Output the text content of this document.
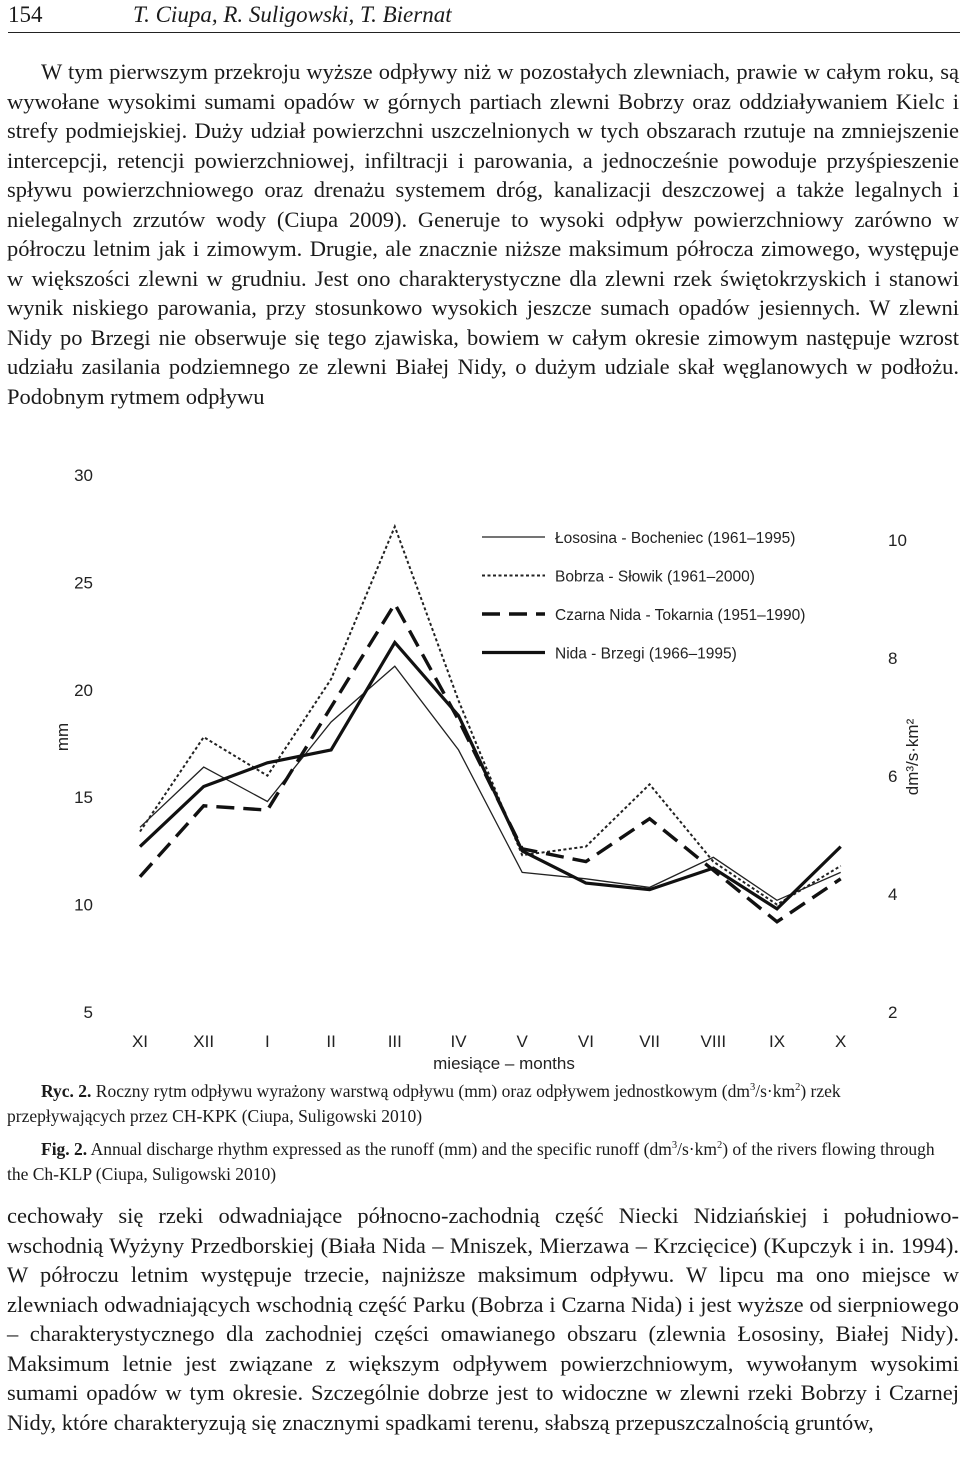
154	T. Ciupa, R. Suligowski, T. Biernat

W tym pierwszym przekroju wyższe odpływy niż w pozostałych zlewniach, prawie w całym roku, są wywołane wysokimi sumami opadów w górnych partiach zlewni Bobrzy oraz oddziaływaniem Kielc i strefy podmiejskiej. Duży udział powierzchni uszczelnionych w tych obszarach rzutuje na zmniejszenie intercepcji, retencji powierzchniowej, infiltracji i parowania, a jednocześnie powoduje przyśpieszenie spływu powierzchniowego oraz drenażu systemem dróg, kanalizacji deszczowej a także legalnych i nielegalnych zrzutów wody (Ciupa 2009). Generuje to wysoki odpływ powierzchniowy zarówno w półroczu letnim jak i zimowym. Drugie, ale znacznie niższe maksimum półrocza zimowego, występuje w większości zlewni w grudniu. Jest ono charakterystyczne dla zlewni rzek świętokrzyskich i stanowi wynik niskiego parowania, przy stosunkowo wysokich jeszcze sumach opadów jesiennych. W zlewni Nidy po Brzegi nie obserwuje się tego zjawiska, bowiem w całym okresie zimowym następuje wzrost udziału zasilania podziemnego ze zlewni Białej Nidy, o dużym udziale skał węglanowych w podłożu. Podobnym rytmem odpływu

5
10
15
20
25
30
2
4
6
8
10
mm	dm³/s·km²
XI	XII	I	II	III	IV	V	VI	VII VIII	IX	X
miesiące – months
Łososina - Bocheniec (1961–1995)
Bobrza - Słowik (1961–2000)
Czarna Nida - Tokarnia (1951–1990)
Nida - Brzegi (1966–1995)

Ryc. 2. Roczny rytm odpływu wyrażony warstwą odpływu (mm) oraz odpływem jednostkowym $(dm^3/s\cdot km^2)$ rzek przepływających przez CH-KPK (Ciupa, Suligowski 2010)

Fig. 2. Annual discharge rhythm expressed as the runoff (mm) and the specific runoff $(dm^3/s\cdot km^2)$ of the rivers flowing through the Ch-KLP (Ciupa, Suligowski 2010)

cechowały się rzeki odwadniające północno-zachodnią część Niecki Nidziańskiej i południowo-wschodnią Wyżyny Przedborskiej (Biała Nida – Mniszek, Mierzawa – Krzcięcice) (Kupczyk i in. 1994). W półroczu letnim występuje trzecie, najniższe maksimum odpływu. W lipcu ma ono miejsce w zlewniach odwadniających wschodnią część Parku (Bobrza i Czarna Nida) i jest wyższe od sierpniowego – charakterystycznego dla zachodniej części omawianego obszaru (zlewnia Łososiny, Białej Nidy). Maksimum letnie jest związane z większym odpływem powierzchniowym, wywołanym wysokimi sumami opadów w tym okresie. Szczególnie dobrze jest to widoczne w zlewni rzeki Bobrzy i Czarnej Nidy, które charakteryzują się znacznymi spadkami terenu, słabszą przepuszczalnością gruntów,
